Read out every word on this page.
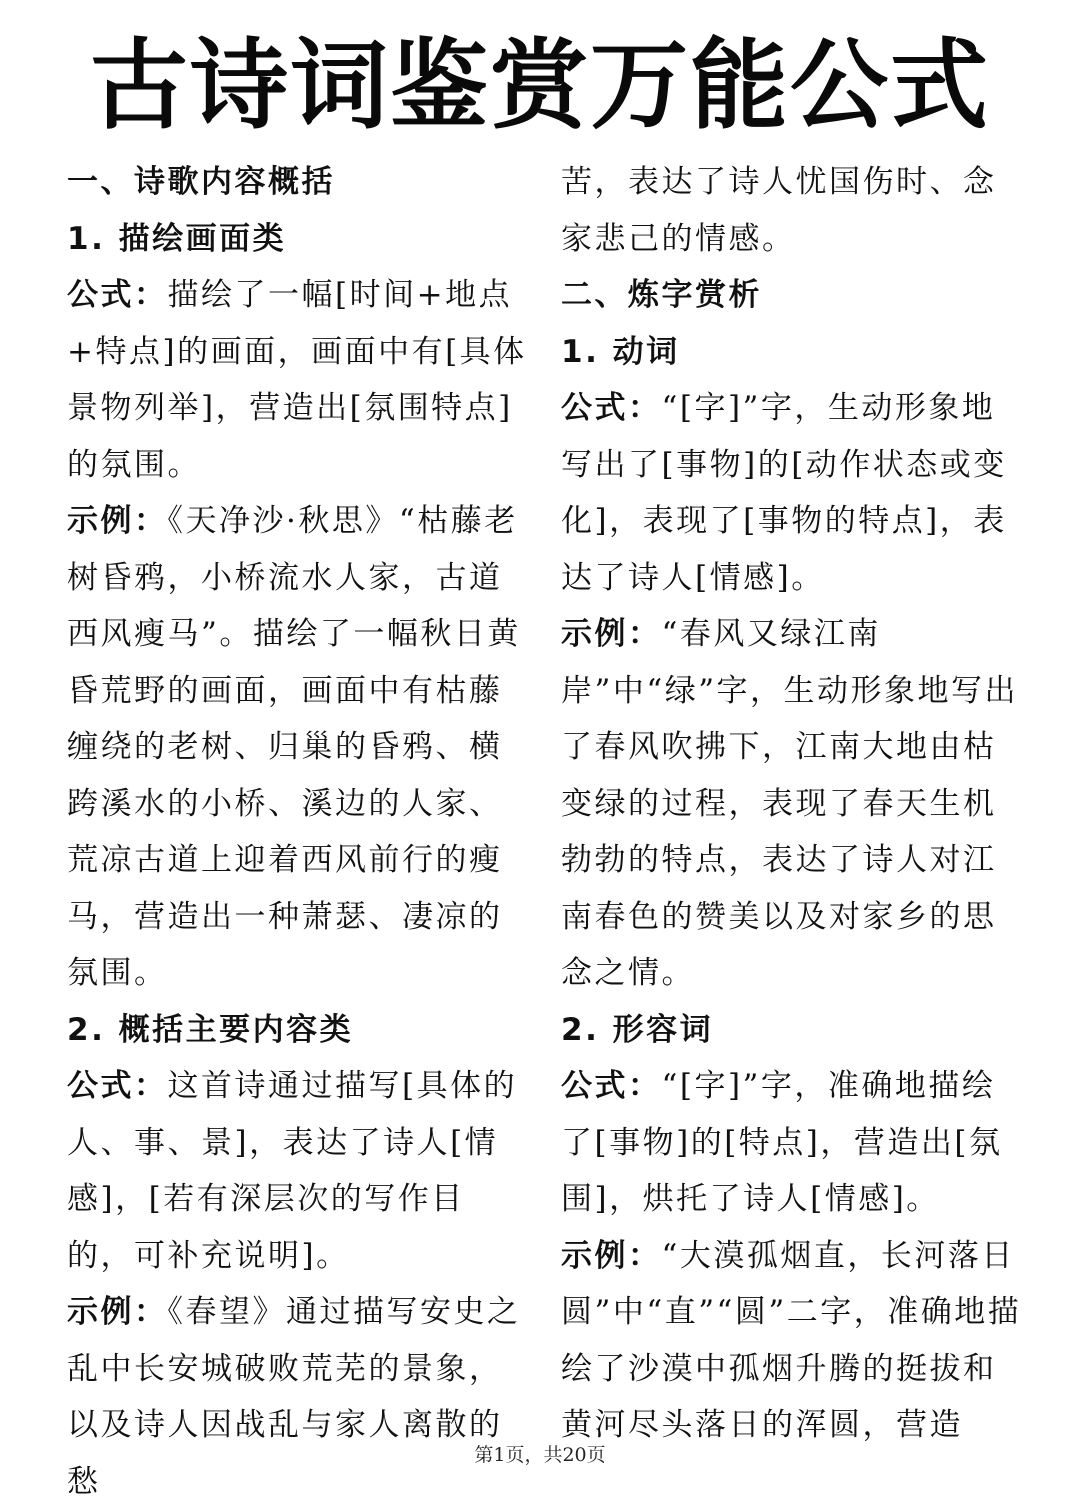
古诗词鉴赏万能公式

一、诗歌内容概括

1. 描绘画面类

公式：描绘了一幅[时间+地点+特点]的画面，画面中有[具体景物列举]，营造出[氛围特点]的氛围。

示例：《天净沙·秋思》“枯藤老树昏鸦，小桥流水人家，古道西风瘦马”。描绘了一幅秋日黄昏荒野的画面，画面中有枯藤缠绕的老树、归巢的昏鸦、横跨溪水的小桥、溪边的人家、荒凉古道上迎着西风前行的瘦马，营造出一种萧瑟、凄凉的氛围。

2. 概括主要内容类

公式：这首诗通过描写[具体的人、事、景]，表达了诗人[情感]，[若有深层次的写作目的，可补充说明]。

示例：《春望》通过描写安史之乱中长安城破败荒芜的景象，以及诗人因战乱与家人离散的愁

苦，表达了诗人忧国伤时、念家悲己的情感。

二、炼字赏析

1. 动词

公式：“[字]”字，生动形象地写出了[事物]的[动作状态或变化]，表现了[事物的特点]，表达了诗人[情感]。

示例：“春风又绿江南岸”中“绿”字，生动形象地写出了春风吹拂下，江南大地由枯变绿的过程，表现了春天生机勃勃的特点，表达了诗人对江南春色的赞美以及对家乡的思念之情。

2. 形容词

公式：“[字]”字，准确地描绘了[事物]的[特点]，营造出[氛围]，烘托了诗人[情感]。

示例：“大漠孤烟直，长河落日圆”中“直”“圆”二字，准确地描绘了沙漠中孤烟升腾的挺拔和黄河尽头落日的浑圆，营造

第1页，共20页
